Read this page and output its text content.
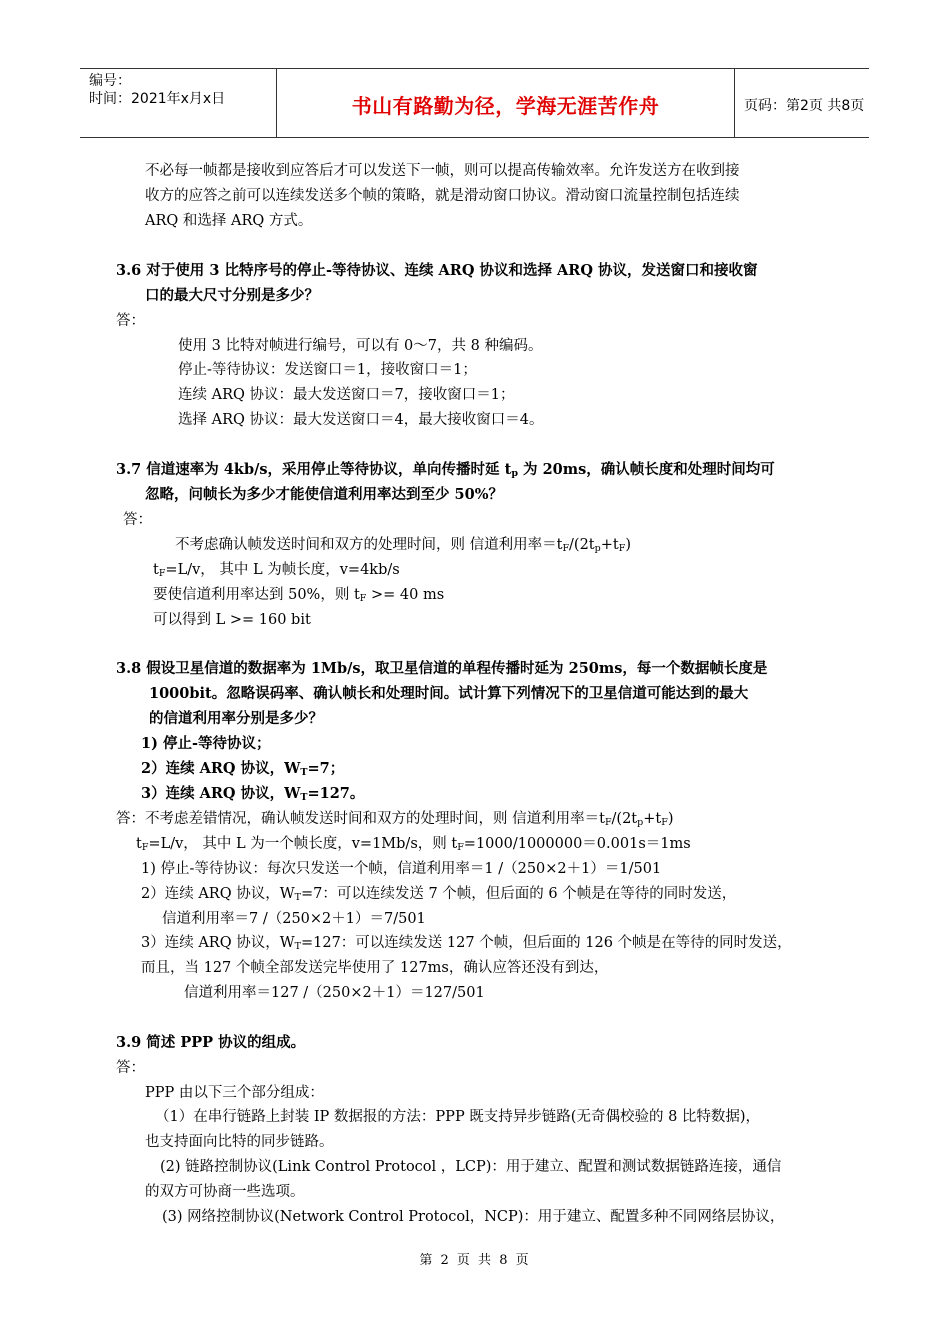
编号：
时间：2021年x月x日	书山有路勤为径，学海无涯苦作舟	页码：第2页 共8页
不必每一帧都是接收到应答后才可以发送下一帧，则可以提高传输效率。允许发送方在收到接
收方的应答之前可以连续发送多个帧的策略，就是滑动窗口协议。滑动窗口流量控制包括连续
ARQ 和选择 ARQ 方式。
3.6 对于使用 3 比特序号的停止-等待协议、连续 ARQ 协议和选择 ARQ 协议，发送窗口和接收窗
口的最大尺寸分别是多少？
答：
使用 3 比特对帧进行编号，可以有 0～7，共 8 种编码。
停止-等待协议：发送窗口＝1，接收窗口＝1；
连续 ARQ 协议：最大发送窗口＝7，接收窗口＝1；
选择 ARQ 协议：最大发送窗口＝4，最大接收窗口＝4。
3.7 信道速率为 4kb/s，采用停止等待协议，单向传播时延 $t_p$ 为 20ms，确认帧长度和处理时间均可
忽略，问帧长为多少才能使信道利用率达到至少 50%？
答：
不考虑确认帧发送时间和双方的处理时间，则 信道利用率$=t_F/(2t_p+t_F)$
$t_F=L/v$， 其中 L 为帧长度，v=4kb/s
要使信道利用率达到 50%，则 $t_F >= 40$ ms
可以得到 L >= 160 bit
3.8 假设卫星信道的数据率为 1Mb/s，取卫星信道的单程传播时延为 250ms，每一个数据帧长度是
1000bit。忽略误码率、确认帧长和处理时间。试计算下列情况下的卫星信道可能达到的最大
的信道利用率分别是多少？
1) 停止-等待协议；
2）连续 ARQ 协议，$W_T=7$；
3）连续 ARQ 协议，$W_T=127$。
答：不考虑差错情况，确认帧发送时间和双方的处理时间，则 信道利用率$=t_F/(2t_p+t_F)$
$t_F=L/v$， 其中 L 为一个帧长度，v=1Mb/s，则 $t_F=1000/1000000=0.001s=1ms$
1) 停止-等待协议：每次只发送一个帧，信道利用率＝1 /（250×2＋1）＝1/501
2）连续 ARQ 协议，$W_T=7$：可以连续发送 7 个帧，但后面的 6 个帧是在等待的同时发送，
信道利用率＝7 /（250×2＋1）＝7/501
3）连续 ARQ 协议，$W_T=127$：可以连续发送 127 个帧，但后面的 126 个帧是在等待的同时发送，
而且，当 127 个帧全部发送完毕使用了 127ms，确认应答还没有到达，
信道利用率＝127 /（250×2＋1）＝127/501
3.9 简述 PPP 协议的组成。
答：
PPP 由以下三个部分组成：
（1）在串行链路上封装 IP 数据报的方法：PPP 既支持异步链路(无奇偶校验的 8 比特数据)，
也支持面向比特的同步链路。
(2) 链路控制协议(Link Control Protocol ，LCP)：用于建立、配置和测试数据链路连接，通信
的双方可协商一些选项。
(3) 网络控制协议(Network Control Protocol，NCP)：用于建立、配置多种不同网络层协议，
第 2 页 共 8 页
